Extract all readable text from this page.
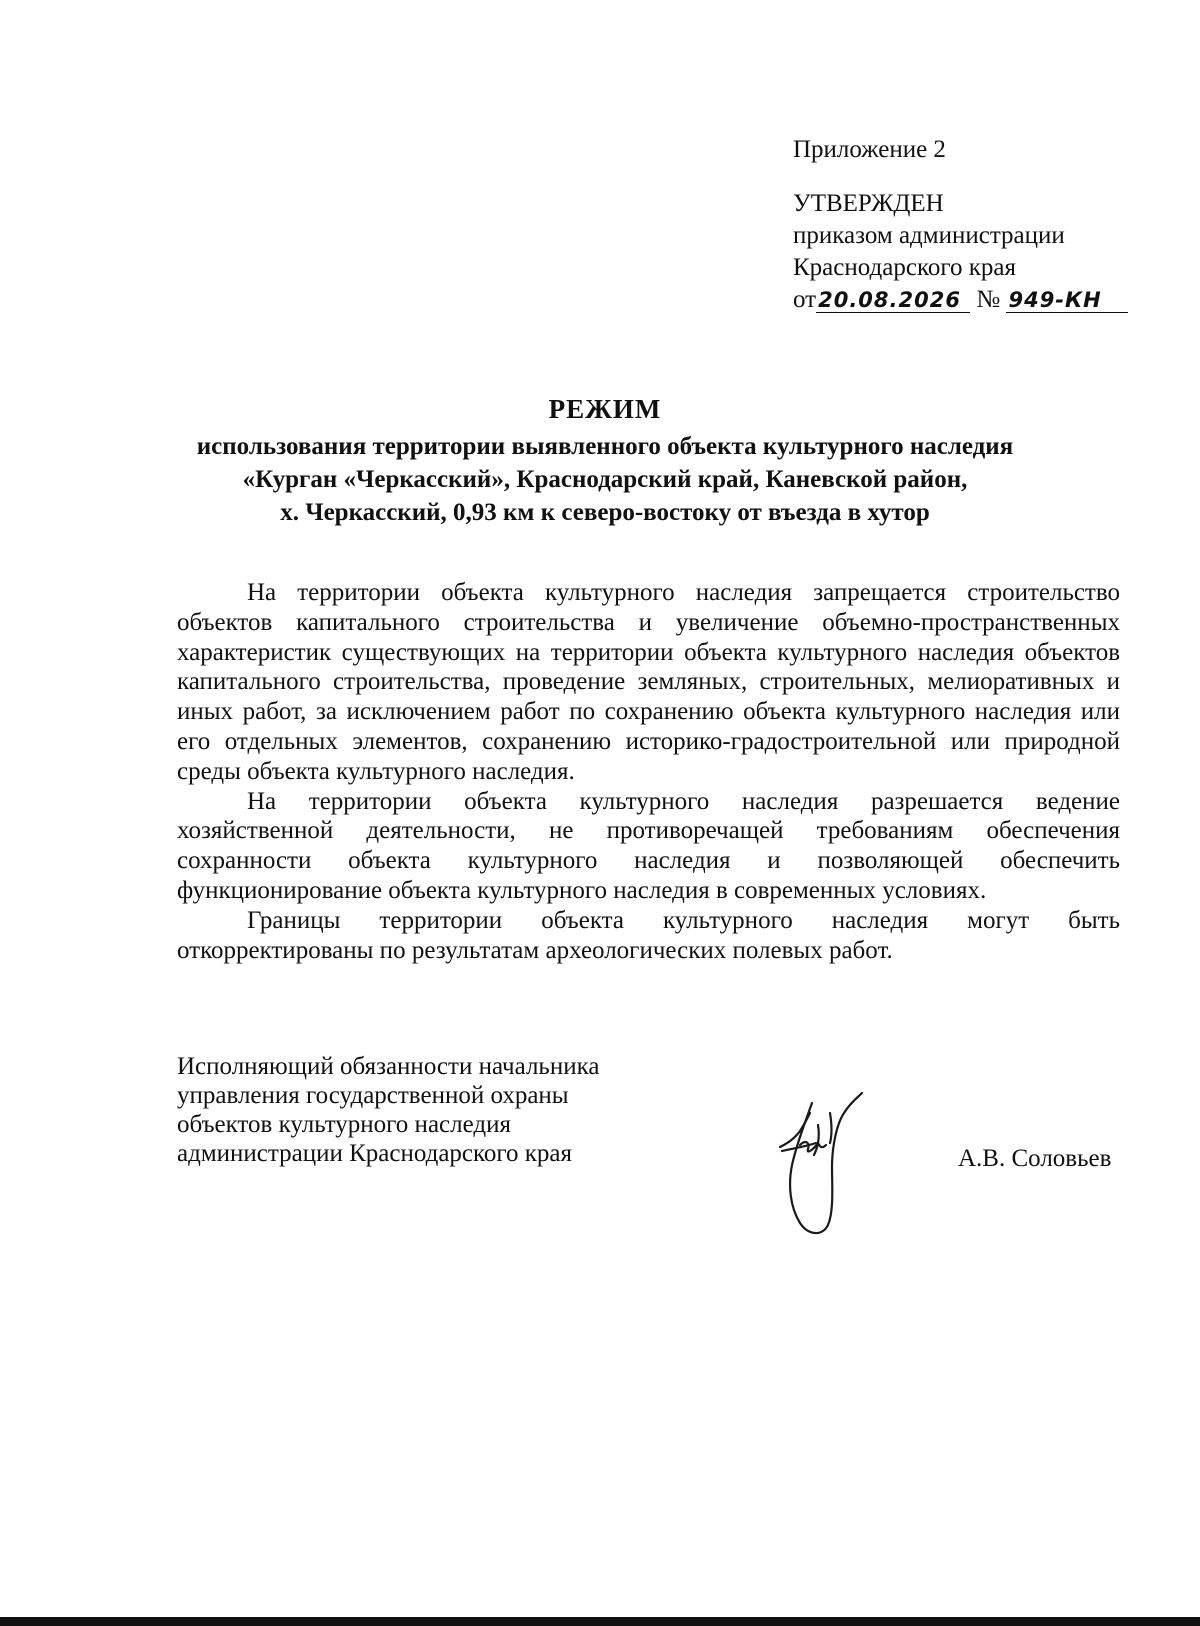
Приложение 2
УТВЕРЖДЕН
приказом администрации
Краснодарского края
от20.08.2026 № 949-КН
РЕЖИМ
использования территории выявленного объекта культурного наследия
«Курган «Черкасский», Краснодарский край, Каневской район,
х. Черкасский, 0,93 км к северо-востоку от въезда в хутор

На территории объекта культурного наследия запрещается строительство объектов капитального строительства и увеличение объемно-пространственных характеристик существующих на территории объекта культурного наследия объектов капитального строительства, проведение земляных, строительных, мелиоративных и иных работ, за исключением работ по сохранению объекта культурного наследия или его отдельных элементов, сохранению историко-градостроительной или природной среды объекта культурного наследия.

На территории объекта культурного наследия разрешается ведение хозяйственной деятельности, не противоречащей требованиям обеспечения сохранности объекта культурного наследия и позволяющей обеспечить функционирование объекта культурного наследия в современных условиях.

Границы территории объекта культурного наследия могут быть откорректированы по результатам археологических полевых работ.

Исполняющий обязанности начальника
управления государственной охраны
объектов культурного наследия
администрации Краснодарского края	А.В. Соловьев
